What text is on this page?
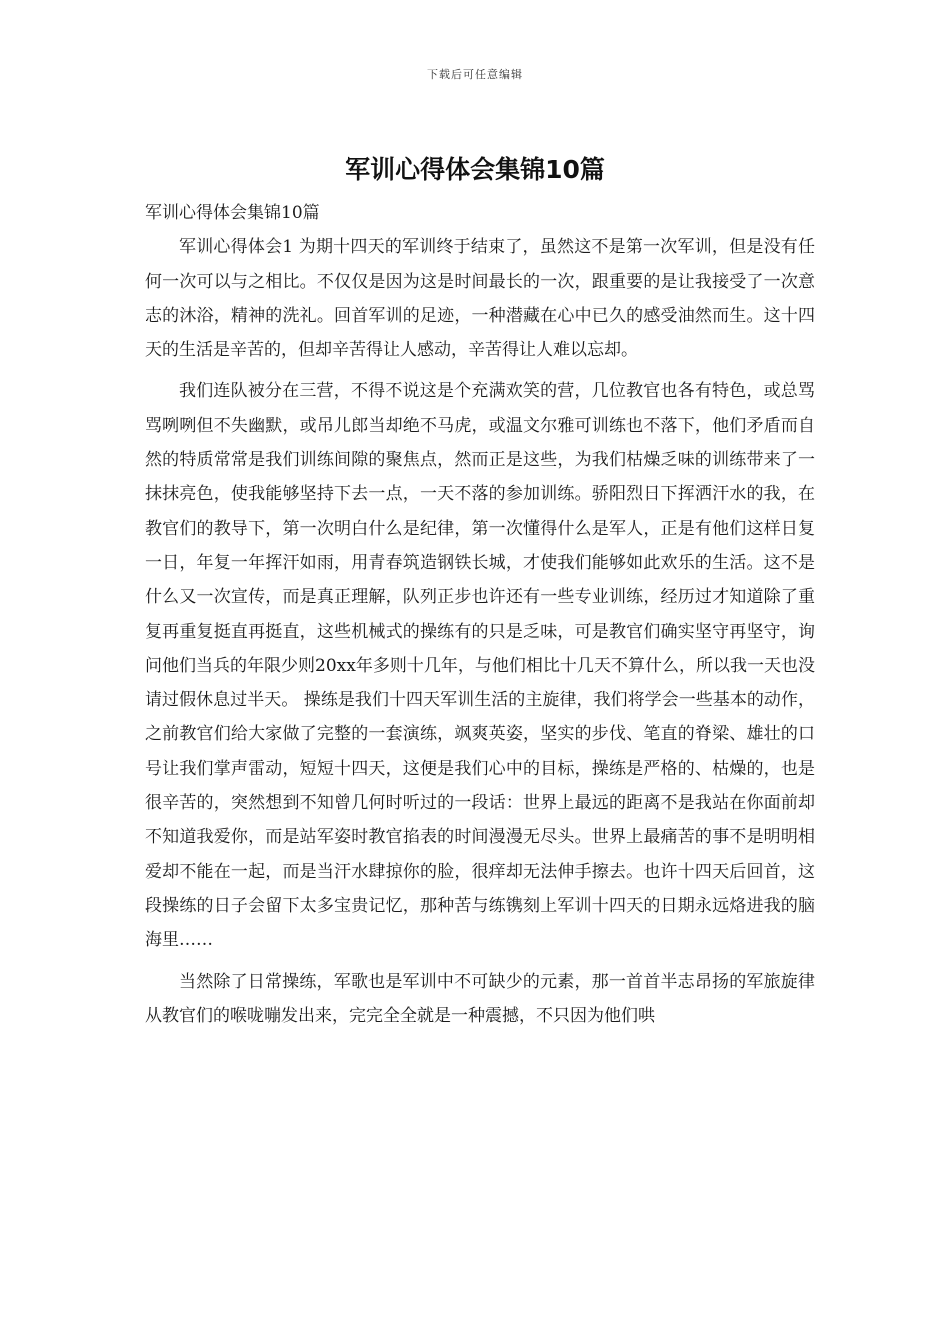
下载后可任意编辑
军训心得体会集锦10篇

军训心得体会集锦10篇

军训心得体会1 为期十四天的军训终于结束了，虽然这不是第一次军训，但是没有任何一次可以与之相比。不仅仅是因为这是时间最长的一次，跟重要的是让我接受了一次意志的沐浴，精神的洗礼。回首军训的足迹，一种潜藏在心中已久的感受油然而生。这十四天的生活是辛苦的，但却辛苦得让人感动，辛苦得让人难以忘却。

我们连队被分在三营，不得不说这是个充满欢笑的营，几位教官也各有特色，或总骂骂咧咧但不失幽默，或吊儿郎当却绝不马虎，或温文尔雅可训练也不落下，他们矛盾而自然的特质常常是我们训练间隙的聚焦点，然而正是这些，为我们枯燥乏味的训练带来了一抹抹亮色，使我能够坚持下去一点，一天不落的参加训练。骄阳烈日下挥洒汗水的我，在教官们的教导下，第一次明白什么是纪律，第一次懂得什么是军人，正是有他们这样日复一日，年复一年挥汗如雨，用青春筑造钢铁长城，才使我们能够如此欢乐的生活。这不是什么又一次宣传，而是真正理解，队列正步也许还有一些专业训练，经历过才知道除了重复再重复挺直再挺直，这些机械式的操练有的只是乏味，可是教官们确实坚守再坚守，询问他们当兵的年限少则20xx年多则十几年，与他们相比十几天不算什么，所以我一天也没请过假休息过半天。 操练是我们十四天军训生活的主旋律，我们将学会一些基本的动作，之前教官们给大家做了完整的一套演练，飒爽英姿，坚实的步伐、笔直的脊梁、雄壮的口号让我们掌声雷动，短短十四天，这便是我们心中的目标，操练是严格的、枯燥的，也是很辛苦的，突然想到不知曾几何时听过的一段话：世界上最远的距离不是我站在你面前却不知道我爱你，而是站军姿时教官掐表的时间漫漫无尽头。世界上最痛苦的事不是明明相爱却不能在一起，而是当汗水肆掠你的脸，很痒却无法伸手擦去。也许十四天后回首，这段操练的日子会留下太多宝贵记忆，那种苦与练镌刻上军训十四天的日期永远烙进我的脑海里……

当然除了日常操练，军歌也是军训中不可缺少的元素，那一首首半志昂扬的军旅旋律从教官们的喉咙嘣发出来，完完全全就是一种震撼，不只因为他们哄
